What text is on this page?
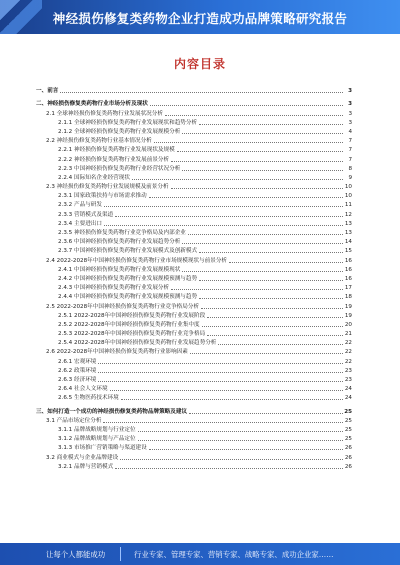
神经损伤修复类药物企业打造成功品牌策略研究报告
内容目录
一、前言	3
二、神经损伤修复类药物行业市场分析及现状	3
2.1 全球神经损伤修复类药物行业发展状况分析	3
2.1.1 全球神经损伤修复类药物行业发展现状和趋势分析	3
2.1.2 全球神经损伤修复类药物行业发展规模分析	4
2.2 神经损伤修复类药物行业基本情况分析	7
2.2.1 神经损伤修复类药物行业发展现状及规模	7
2.2.2 神经损伤修复类药物行业发展前景分析	7
2.2.3 中国神经损伤修复类药物行业经营状况分析	8
2.2.4 国际知名企业经营现状	9
2.3 神经损伤修复类药物行业发展规模及前景分析	10
2.3.1 国家政策扶持与市场需求推动	10
2.3.2 产品与研发	11
2.3.3 营销模式及渠道	12
2.3.4 主要进出口	13
2.3.5 神经损伤修复类药物行业竞争格局及内部企业	13
2.3.6 中国神经损伤修复类药物行业发展趋势分析	14
2.3.7 中国神经损伤修复类药物行业发展模式及创新模式	15
2.4 2022-2028年中国神经损伤修复类药物行业市场规模现状与前景分析	16
2.4.1 中国神经损伤修复类药物行业发展规模现状	16
2.4.2 中国神经损伤修复类药物行业发展规模预测与趋势	16
2.4.3 中国神经损伤修复类药物行业发展分析	17
2.4.4 中国神经损伤修复类药物行业发展规模预测与趋势	18
2.5 2022-2028年中国神经损伤修复类药物行业竞争格局分析	19
2.5.1 2022-2028年中国神经损伤修复类药物行业发展阶段	19
2.5.2 2022-2028年中国神经损伤修复类药物行业集中度	20
2.5.3 2022-2028年中国神经损伤修复类药物行业竞争格局	21
2.5.4 2022-2028年中国神经损伤修复类药物行业发展趋势分析	22
2.6 2022-2028年中国神经损伤修复类药物行业影响因素	22
2.6.1 宏观环境	22
2.6.2 政策环境	23
2.6.3 经济环境	23
2.6.4 社会人文环境	24
2.6.5 生物医药技术环境	24
三、如何打造一个成功的神经损伤修复类药物品牌策略及建议	25
3.1 产品市场定位分析	25
3.1.1 品牌战略规划与行业定位	25
3.1.2 品牌战略规划与产品定位	25
3.1.3 市场推广营销策略与渠道建设	26
3.2 商业模式与企业品牌建设	26
3.2.1 品牌与营销模式	26
让每个人都能成功	行业专家、管理专家、营销专家、战略专家、成功企业家……
